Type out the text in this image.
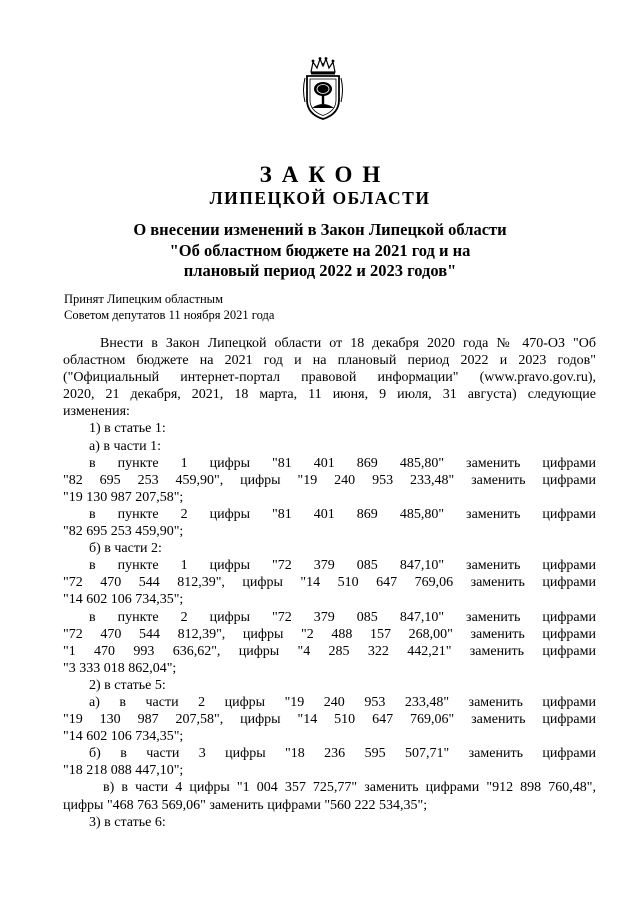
ЗАКОН
ЛИПЕЦКОЙ ОБЛАСТИ
О внесении изменений в Закон Липецкой области
"Об областном бюджете на 2021 год и на
плановый период 2022 и 2023 годов"
Принят Липецким областным
Советом депутатов 11 ноября 2021 года

Внести в Закон Липецкой области от 18 декабря 2020 года № 470-ОЗ "Об

областном бюджете на 2021 год и на плановый период 2022 и 2023 годов"

("Официальный интернет-портал правовой информации" (www.pravo.gov.ru),

2020, 21 декабря, 2021, 18 марта, 11 июня, 9 июля, 31 августа) следующие

изменения:

1) в статье 1:

а) в части 1:

в пункте 1 цифры "81 401 869 485,80" заменить цифрами

"82 695 253 459,90", цифры "19 240 953 233,48" заменить цифрами

"19 130 987 207,58";

в пункте 2 цифры "81 401 869 485,80" заменить цифрами

"82 695 253 459,90";

б) в части 2:

в пункте 1 цифры "72 379 085 847,10" заменить цифрами

"72 470 544 812,39", цифры "14 510 647 769,06 заменить цифрами

"14 602 106 734,35";

в пункте 2 цифры "72 379 085 847,10" заменить цифрами

"72 470 544 812,39", цифры "2 488 157 268,00" заменить цифрами

"1 470 993 636,62", цифры "4 285 322 442,21" заменить цифрами

"3 333 018 862,04";

2) в статье 5:

а) в части 2 цифры "19 240 953 233,48" заменить цифрами

"19 130 987 207,58", цифры "14 510 647 769,06" заменить цифрами

"14 602 106 734,35";

б) в части 3 цифры "18 236 595 507,71" заменить цифрами

"18 218 088 447,10";

в) в части 4 цифры "1 004 357 725,77" заменить цифрами "912 898 760,48",

цифры "468 763 569,06" заменить цифрами "560 222 534,35";

3) в статье 6:
